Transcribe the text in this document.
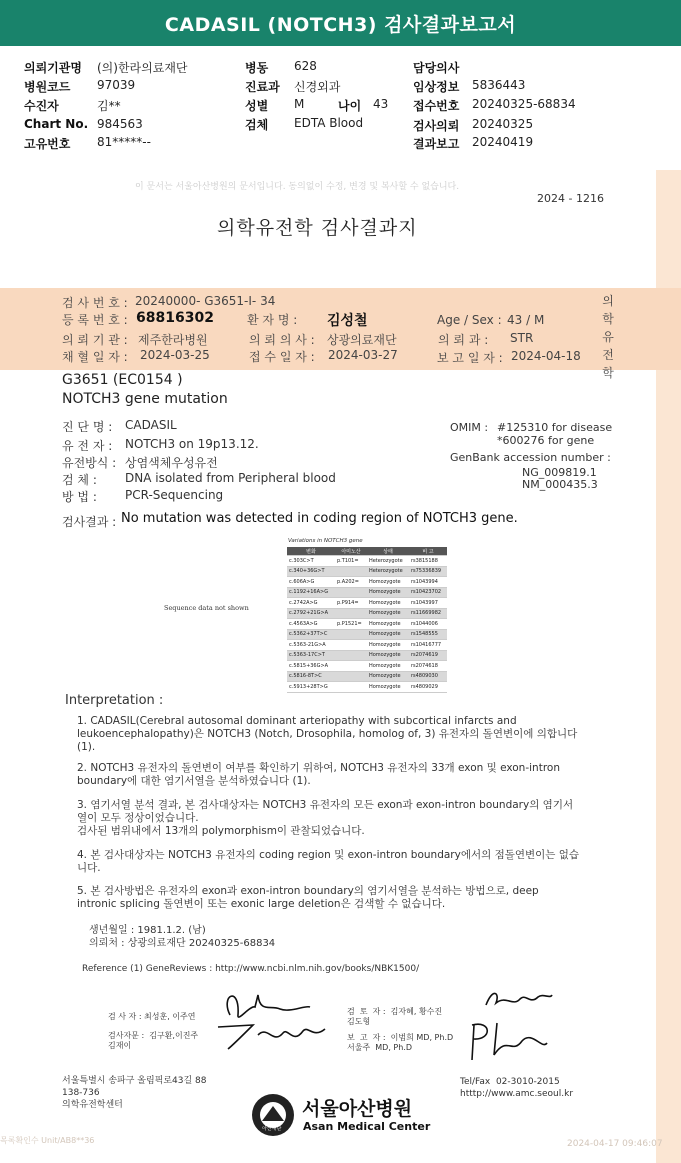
CADASIL (NOTCH3) 검사결과보고서
의뢰기관명 (의)한라의료재단
병원코드 97039
수진자	김**
Chart No. 984563
고유번호 81*****--
병동 628
진료과 신경외과
성별 M	나이 43
검체 EDTA Blood
담당의사
임상정보 5836443
접수번호 20240325-68834
검사의뢰 20240325
결과보고 20240419
이 문서는 서울아산병원의 문서입니다. 동의없이 수정, 변경 및 복사할 수 없습니다.
2024 - 1216
의학유전학 검사결과지
검 사 번 호 : 20240000- G3651-I- 34
등 록 번 호 : 68816302
의 뢰 기 관 : 제주한라병원
채 혈 일 자 : 2024-03-25
환 자 명 : 김성철
의 뢰 의 사 : 상광의료재단
접 수 일 자 : 2024-03-27
Age / Sex : 43 / M
의 뢰 과 : STR
보 고 일 자 : 2024-04-18
의
학
유
전
학
G3651 (EC0154 )
NOTCH3 gene mutation
진 단 명 : CADASIL
유 전 자 : NOTCH3 on 19p13.12.
유전방식 : 상염색체우성유전
검 체 : DNA isolated from Peripheral blood
방 법 : PCR-Sequencing
OMIM : #125310 for disease
*600276 for gene
GenBank accession number :
NG_009819.1
NM_000435.3
검사결과 : No mutation was detected in coding region of NOTCH3 gene.
Variations in NOTCH3 gene
Sequence data not shown
변화	아미노산	상태	비 고
c.303C>T	p.T101=	Heterozygote	rs3815188
c.340+36G>T		Heterozygote	rs75336839
c.606A>G	p.A202=	Homozygote	rs1043994
c.1192+16A>G		Homozygote	rs10423702
c.2742A>G	p.P914=	Homozygote	rs1043997
c.2792+21G>A		Homozygote	rs11669982
c.4563A>G	p.P1521=	Homozygote	rs1044006
c.5362+37T>C		Homozygote	rs1548555
c.5363-21G>A		Homozygote	rs10416777
c.5363-17C>T		Homozygote	rs2074619
c.5815+36G>A		Homozygote	rs2074618
c.5816-8T>C		Homozygote	rs4809030
c.5913+28T>G		Homozygote	rs4809029
Interpretation :

1. CADASIL(Cerebral autosomal dominant arteriopathy with subcortical infarcts and
leukoencephalopathy)은 NOTCH3 (Notch, Drosophila, homolog of, 3) 유전자의 돌연변이에 의합니다
(1).

2. NOTCH3 유전자의 돌연변이 여부를 확인하기 위하여, NOTCH3 유전자의 33개 exon 및 exon-intron
boundary에 대한 염기서열을 분석하였습니다 (1).

3. 염기서열 분석 결과, 본 검사대상자는 NOTCH3 유전자의 모든 exon과 exon-intron boundary의 염기서
열이 모두 정상이었습니다.
검사된 범위내에서 13개의 polymorphism이 관찰되었습니다.

4. 본 검사대상자는 NOTCH3 유전자의 coding region 및 exon-intron boundary에서의 점돌연변이는 없습
니다.

5. 본 검사방법은 유전자의 exon과 exon-intron boundary의 염기서열을 분석하는 방법으로, deep
intronic splicing 돌연변이 또는 exonic large deletion은 검색할 수 없습니다.

생년월일 : 1981.1.2. (남)
의뢰처 : 상광의료재단 20240325-68834
Reference (1) GeneReviews : http://www.ncbi.nlm.nih.gov/books/NBK1500/
검 사 자 : 최성훈, 이주연
검사자문 :  김구환,이진주
김재이
검  토  자 :  김자혜, 황수진
김도형
보  고  자 :  이범희 MD, Ph.D
서울주  MD, Ph.D
서울특별시 송파구 올림픽로43길 88
138-736
의학유전학센터
Tel/Fax  02-3010-2015
htttp://www.amc.seoul.kr
아산재단
서울아산병원
Asan Medical Center
목록확인수 Unit/AB8**36	2024-04-17 09:46:07
